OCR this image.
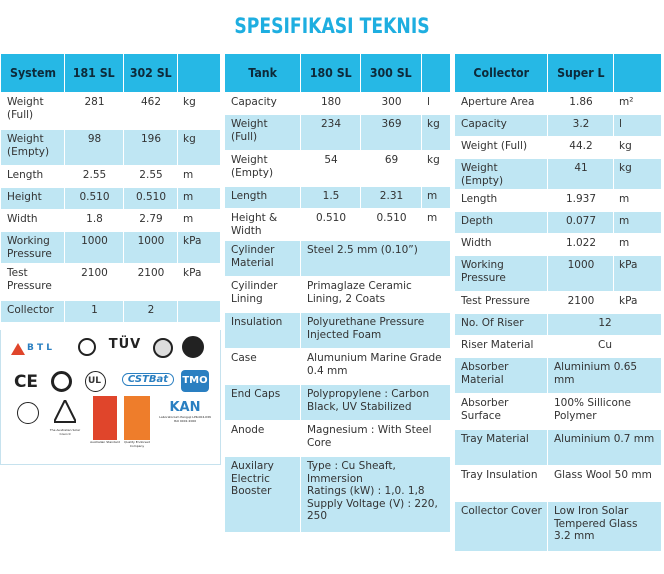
SPESIFIKASI TEKNIS
System	181 SL	302 SL	
Weight (Full)	281	462	kg
Weight (Empty)	98	196	kg
Length	2.55	2.55	m
Height	0.510	0.510	m
Width	1.8	2.79	m
Working Pressure	1000	1000	kPa
Test Pressure	2100	2100	kPa
Collector	1	2	
Tank	180 SL	300 SL	
Capacity	180	300	l
Weight (Full)	234	369	kg
Weight (Empty)	54	69	kg
Length	1.5	2.31	m
Height & Width	0.510	0.510	m
Cylinder Material	Steel 2.5 mm (0.10”)		
Cyilinder Lining	Primaglaze Ceramic Lining, 2 Coats		
Insulation	Polyurethane Pressure Injected Foam		
Case	Alumunium Marine Grade 0.4 mm		
End Caps	Polypropylene : Carbon Black, UV Stabilized		
Anode	Magnesium : With Steel Core		
Auxilary Electric Booster	Type : Cu Sheaft, Immersion
Ratings (kW) : 1,0. 1,8
Supply Voltage (V) : 220, 250		
Collector	Super L	
Aperture Area	1.86	m²
Capacity	3.2	l
Weight (Full)	44.2	kg
Weight (Empty)	41	kg
Length	1.937	m
Depth	0.077	m
Width	1.022	m
Working Pressure	1000	kPa
Test Pressure	2100	kPa
No. Of Riser	12	
Riser Material	Cu	
Absorber Material	Aluminium 0.65 mm	
Absorber Surface	100% Sillicone Polymer	
Tray Material	Aluminium 0.7 mm	
Tray Insulation	Glass Wool 50 mm	
Collector Cover	Low Iron Solar Tempered Glass 3.2 mm	
B T L	TÜV
CE	UL	CSTBat	TMO
The Australian Solar Council
Australian Standard	Quality Endorsed Company
KAN
Laboratorium Penguji LPK-004-IDN
ISO 9001:2000
